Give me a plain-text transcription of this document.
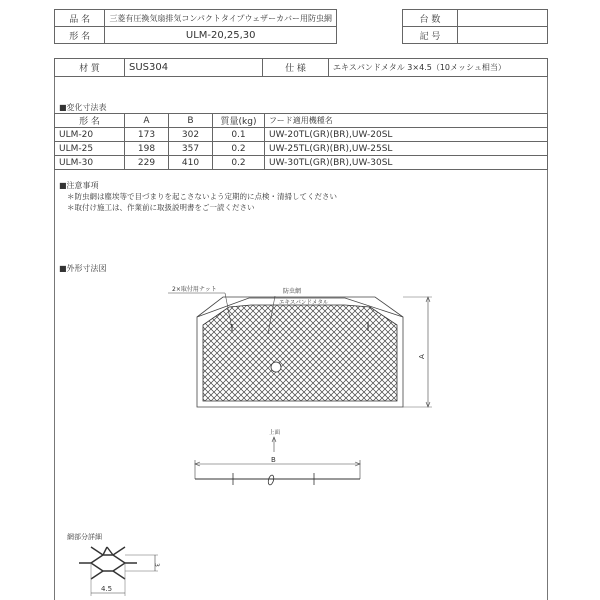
品 名	三菱有圧換気扇排気コンパクトタイプウェザーカバー用防虫網
形 名	ULM-20,25,30
台 数	
記 号	
材 質	SUS304	仕 様	エキスパンドメタル 3×4.5（10メッシュ相当）
■変化寸法表
形 名	A	B	質量(kg)	フード適用機種名
ULM-20	173	302	0.1	UW-20TL(GR)(BR),UW-20SL
ULM-25	198	357	0.2	UW-25TL(GR)(BR),UW-25SL
ULM-30	229	410	0.2	UW-30TL(GR)(BR),UW-30SL
■注意事項
＊防虫網は塵埃等で目づまりを起こさないよう定期的に点検・清掃してください
＊取付け施工は、作業前に取扱説明書をご一読ください
■外形寸法図
2×取付用ナット	防虫網
エキスパンドメタル
A
上面
B
網部分詳細
3
4.5
